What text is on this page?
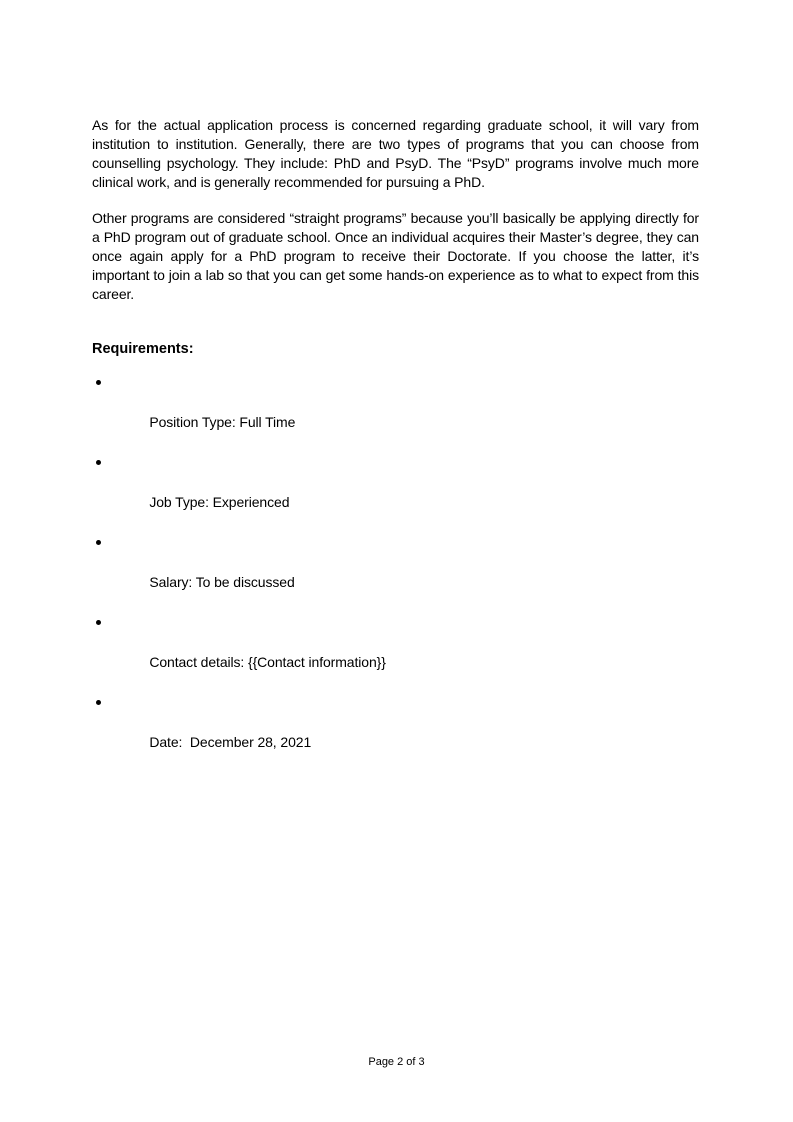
As for the actual application process is concerned regarding graduate school, it will vary from institution to institution. Generally, there are two types of programs that you can choose from counselling psychology. They include: PhD and PsyD. The “PsyD” programs involve much more clinical work, and is generally recommended for pursuing a PhD.

Other programs are considered “straight programs” because you’ll basically be applying directly for a PhD program out of graduate school. Once an individual acquires their Master’s degree, they can once again apply for a PhD program to receive their Doctorate. If you choose the latter, it’s important to join a lab so that you can get some hands-on experience as to what to expect from this career.

Requirements:

Position Type: Full Time

Job Type: Experienced

Salary: To be discussed

Contact details: {{Contact information}}

Date:  December 28, 2021

Page 2 of 3
